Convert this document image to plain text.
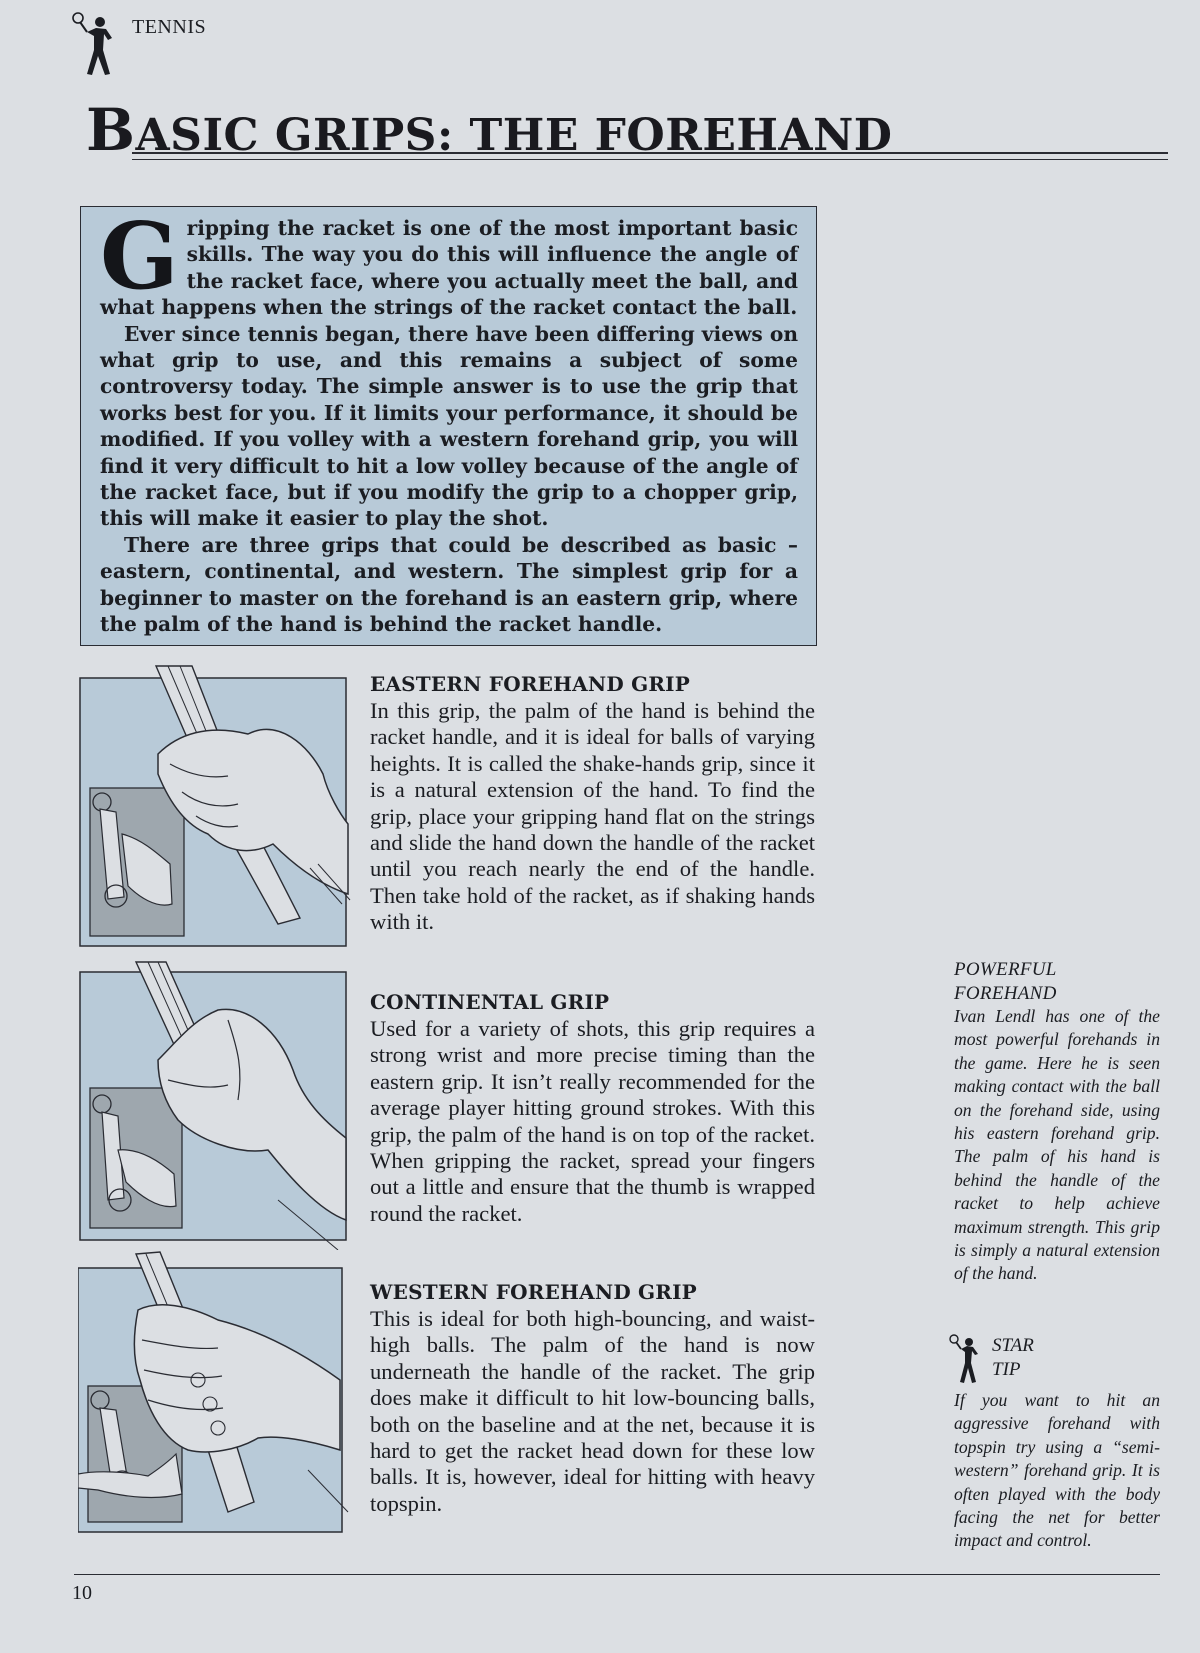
TENNIS
BASIC GRIPS: THE FOREHAND

Gripping the racket is one of the most important basic skills. The way you do this will influence the angle of the racket face, where you actually meet the ball, and what happens when the strings of the racket contact the ball.

Ever since tennis began, there have been differing views on what grip to use, and this remains a subject of some controversy today. The simple answer is to use the grip that works best for you. If it limits your performance, it should be modified. If you volley with a western forehand grip, you will find it very difficult to hit a low volley because of the angle of the racket face, but if you modify the grip to a chopper grip, this will make it easier to play the shot.

There are three grips that could be described as basic – eastern, continental, and western. The simplest grip for a beginner to master on the forehand is an eastern grip, where the palm of the hand is behind the racket handle.

EASTERN FOREHAND GRIP

In this grip, the palm of the hand is behind the racket handle, and it is ideal for balls of varying heights. It is called the shake-hands grip, since it is a natural extension of the hand. To find the grip, place your gripping hand flat on the strings and slide the hand down the handle of the racket until you reach nearly the end of the handle. Then take hold of the racket, as if shaking hands with it.

CONTINENTAL GRIP

Used for a variety of shots, this grip requires a strong wrist and more precise timing than the eastern grip. It isn’t really recommended for the average player hitting ground strokes. With this grip, the palm of the hand is on top of the racket. When gripping the racket, spread your fingers out a little and ensure that the thumb is wrapped round the racket.

WESTERN FOREHAND GRIP

This is ideal for both high-bouncing, and waist-high balls. The palm of the hand is now underneath the handle of the racket. The grip does make it difficult to hit low-bouncing balls, both on the baseline and at the net, because it is hard to get the racket head down for these low balls. It is, however, ideal for hitting with heavy topspin.

POWERFUL
FOREHAND

Ivan Lendl has one of the most powerful forehands in the game. Here he is seen making contact with the ball on the forehand side, using his eastern forehand grip. The palm of his hand is behind the handle of the racket to help achieve maximum strength. This grip is simply a natural extension of the hand.

STAR
TIP

If you want to hit an aggressive forehand with topspin try using a “semi-western” forehand grip. It is often played with the body facing the net for better impact and control.

10
